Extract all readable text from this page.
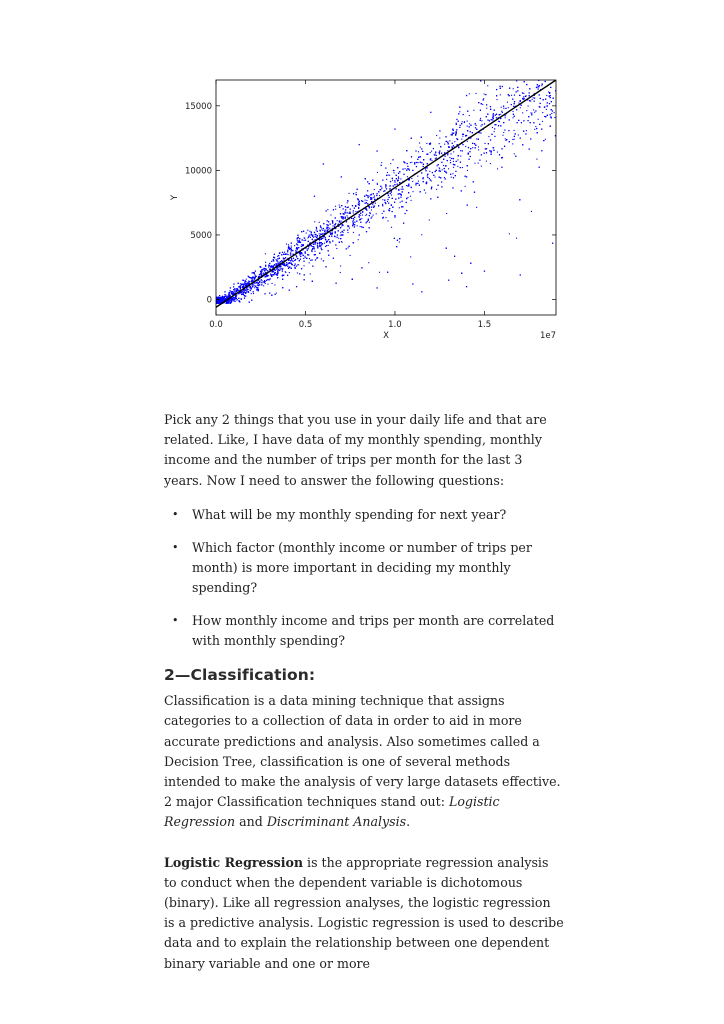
0.0	0.5	1.0	1.5
0
5000
10000
15000
X
Y
1e7

Pick any 2 things that you use in your daily life and that are related. Like, I have data of my monthly spending, monthly income and the number of trips per month for the last 3 years. Now I need to answer the following questions:

• What will be my monthly spending for next year?
• Which factor (monthly income or number of trips per month) is more important in deciding my monthly spending?
• How monthly income and trips per month are correlated with monthly spending?
2—Classification:

Classification is a data mining technique that assigns categories to a collection of data in order to aid in more accurate predictions and analysis. Also sometimes called a Decision Tree, classification is one of several methods intended to make the analysis of very large datasets effective. 2 major Classification techniques stand out: Logistic Regression and Discriminant Analysis.

Logistic Regression is the appropriate regression analysis to conduct when the dependent variable is dichotomous (binary). Like all regression analyses, the logistic regression is a predictive analysis. Logistic regression is used to describe data and to explain the relationship between one dependent binary variable and one or more
